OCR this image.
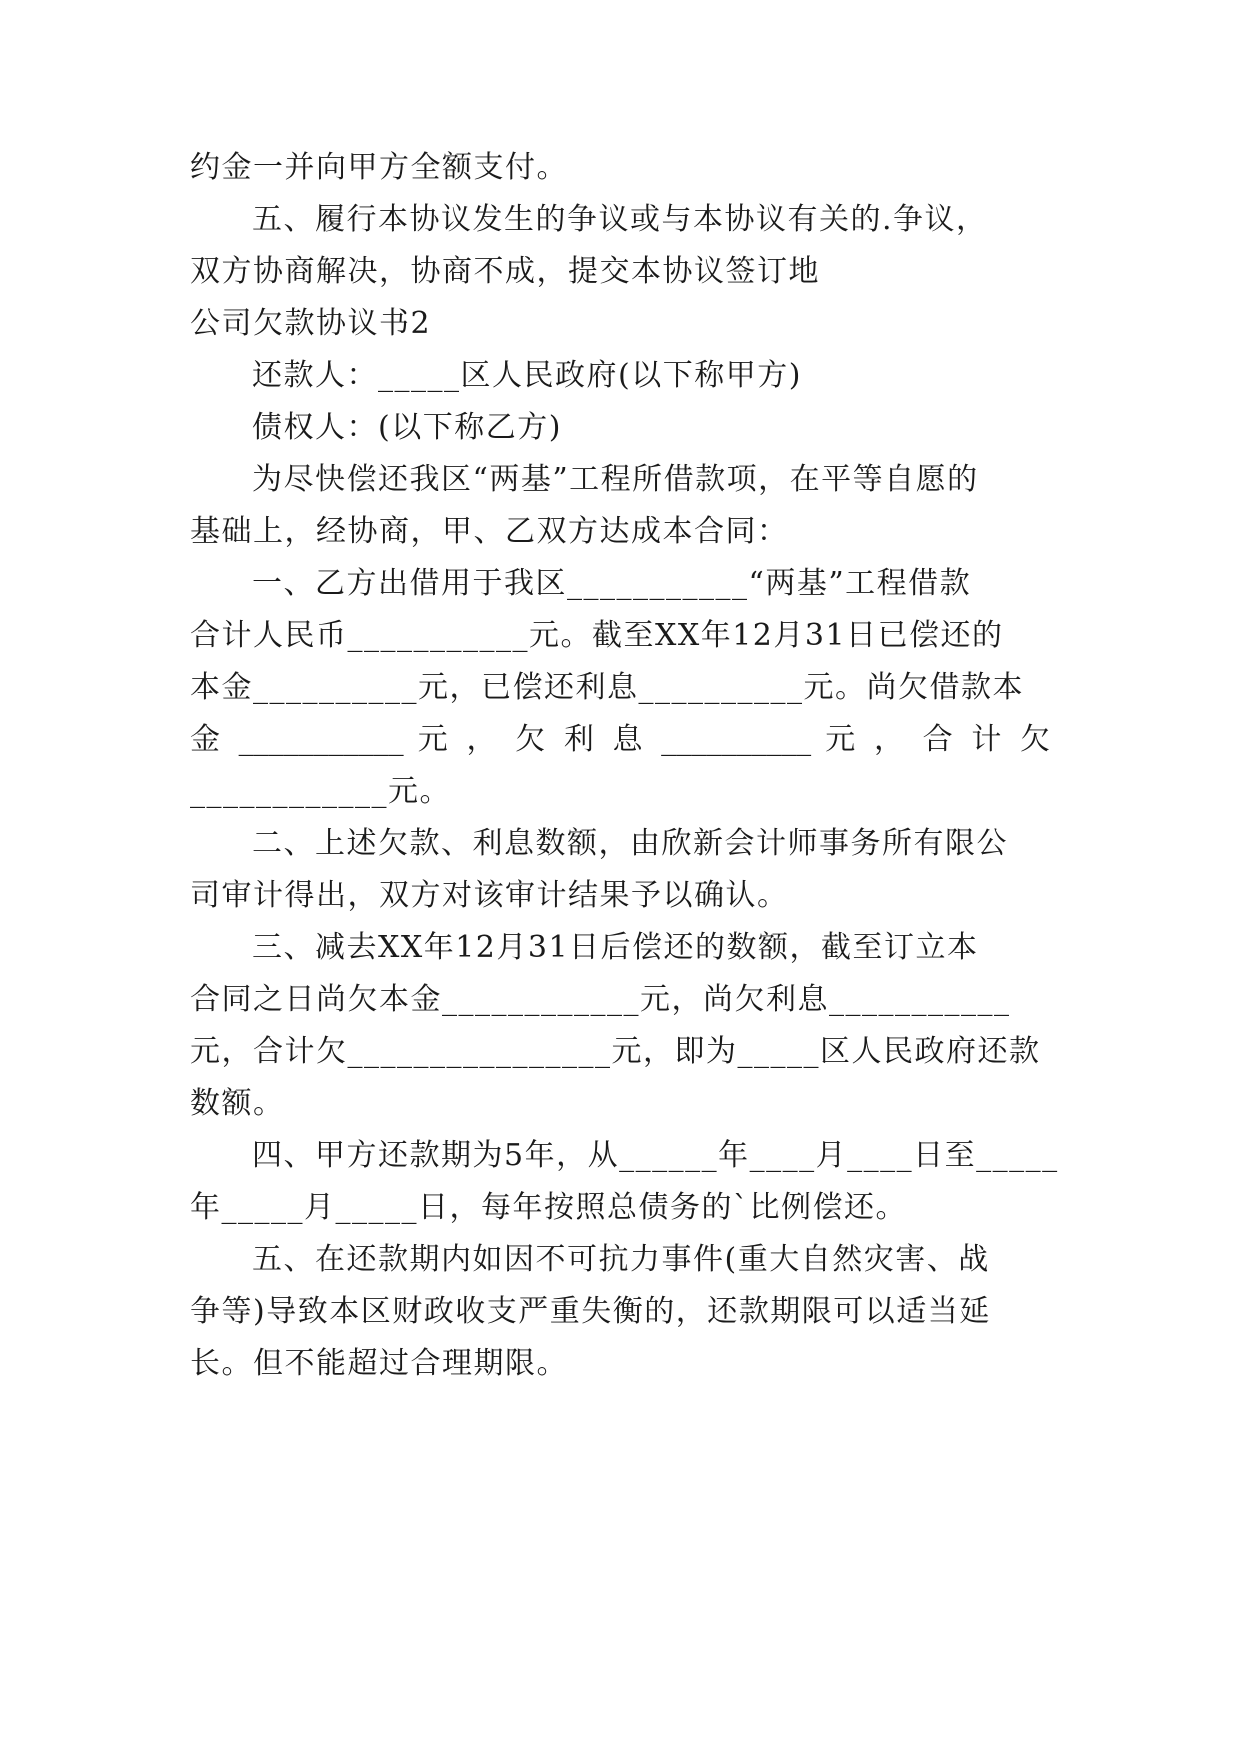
约金一并向甲方全额支付。
五、履行本协议发生的争议或与本协议有关的.争议，
双方协商解决，协商不成，提交本协议签订地
公司欠款协议书2
还款人：_____区人民政府(以下称甲方)
债权人：(以下称乙方)
为尽快偿还我区“两基”工程所借款项，在平等自愿的
基础上，经协商，甲、乙双方达成本合同：
一、乙方出借用于我区___________“两基”工程借款
合计人民币___________元。截至XX年12月31日已偿还的
本金__________元，已偿还利息__________元。尚欠借款本
金 ___________ 元 ， 欠 利 息 __________ 元 ， 合 计 欠
____________元。
二、上述欠款、利息数额，由欣新会计师事务所有限公
司审计得出，双方对该审计结果予以确认。
三、减去XX年12月31日后偿还的数额，截至订立本
合同之日尚欠本金____________元，尚欠利息___________
元，合计欠________________元，即为_____区人民政府还款
数额。
四、甲方还款期为5年，从______年____月____日至_____
年_____月_____日，每年按照总债务的`比例偿还。
五、在还款期内如因不可抗力事件(重大自然灾害、战
争等)导致本区财政收支严重失衡的，还款期限可以适当延
长。但不能超过合理期限。
